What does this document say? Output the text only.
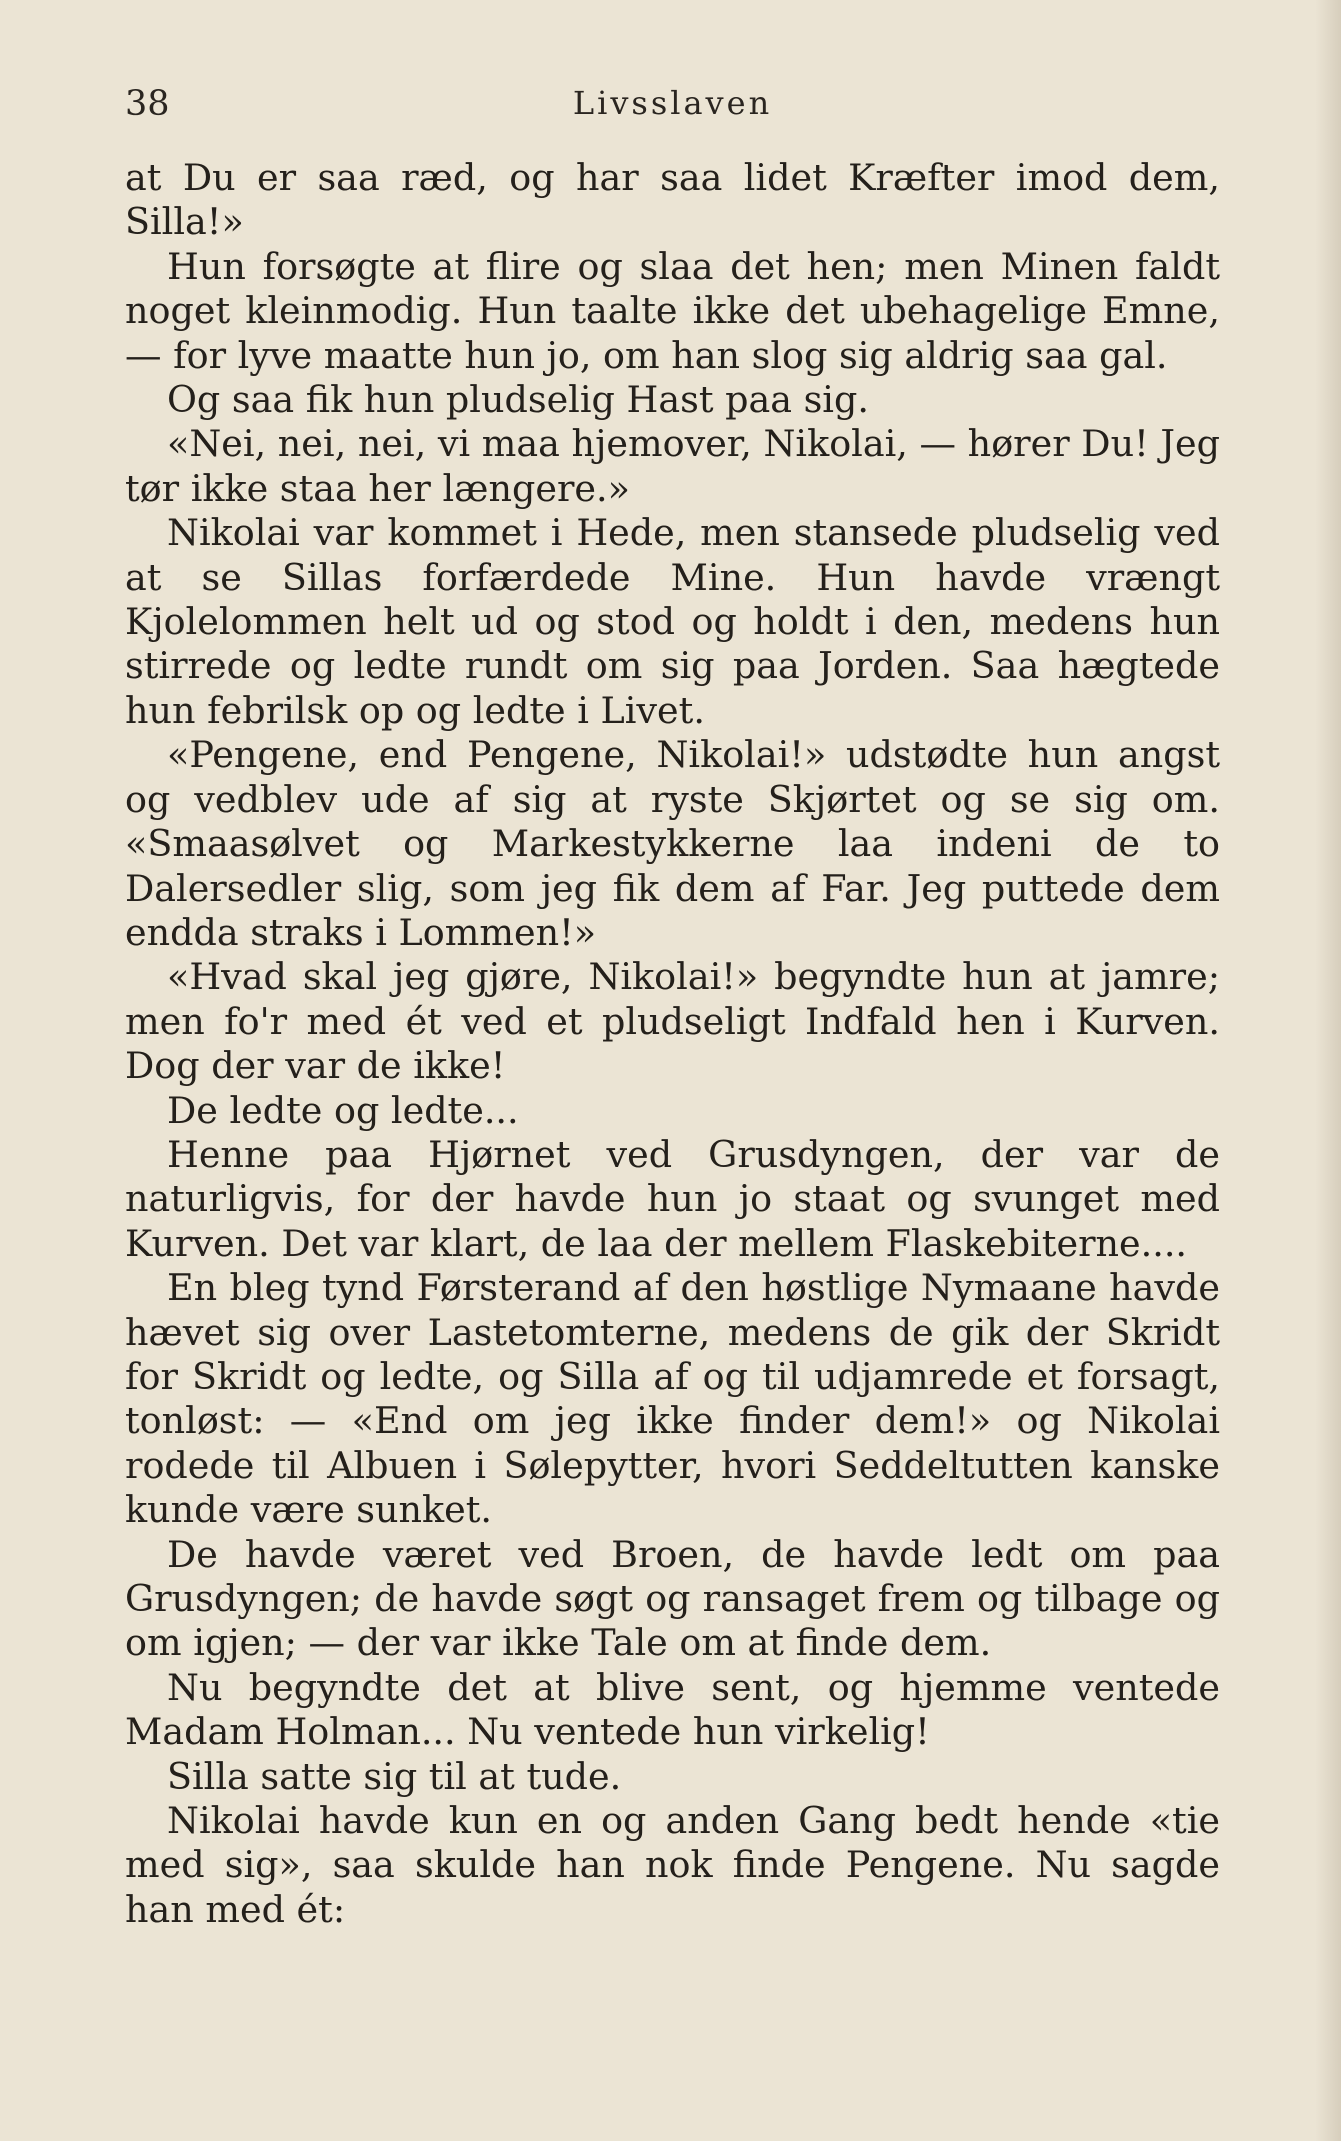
38	Livsslaven

at Du er saa ræd, og har saa lidet Kræfter imod dem, Silla!»

Hun forsøgte at flire og slaa det hen; men Minen faldt noget kleinmodig. Hun taalte ikke det ubehagelige Emne, — for lyve maatte hun jo, om han slog sig aldrig saa gal.

Og saa fik hun pludselig Hast paa sig.

«Nei, nei, nei, vi maa hjemover, Nikolai, — hører Du! Jeg tør ikke staa her længere.»

Nikolai var kommet i Hede, men stansede pludselig ved at se Sillas forfærdede Mine. Hun havde vrængt Kjolelommen helt ud og stod og holdt i den, medens hun stirrede og ledte rundt om sig paa Jorden. Saa hægtede hun febrilsk op og ledte i Livet.

«Pengene, end Pengene, Nikolai!» udstødte hun angst og vedblev ude af sig at ryste Skjørtet og se sig om. «Smaasølvet og Markestykkerne laa indeni de to Dalersedler slig, som jeg fik dem af Far. Jeg puttede dem endda straks i Lommen!»

«Hvad skal jeg gjøre, Nikolai!» begyndte hun at jamre; men fo'r med ét ved et pludseligt Indfald hen i Kurven. Dog der var de ikke!

De ledte og ledte...

Henne paa Hjørnet ved Grusdyngen, der var de naturligvis, for der havde hun jo staat og svunget med Kurven. Det var klart, de laa der mellem Flaskebiterne....

En bleg tynd Førsterand af den høstlige Nymaane havde hævet sig over Lastetomterne, medens de gik der Skridt for Skridt og ledte, og Silla af og til udjamrede et forsagt, tonløst: — «End om jeg ikke finder dem!» og Nikolai rodede til Albuen i Sølepytter, hvori Seddeltutten kanske kunde være sunket.

De havde været ved Broen, de havde ledt om paa Grusdyngen; de havde søgt og ransaget frem og tilbage og om igjen; — der var ikke Tale om at finde dem.

Nu begyndte det at blive sent, og hjemme ventede Madam Holman... Nu ventede hun virkelig!

Silla satte sig til at tude.

Nikolai havde kun en og anden Gang bedt hende «tie med sig», saa skulde han nok finde Pengene. Nu sagde han med ét:
